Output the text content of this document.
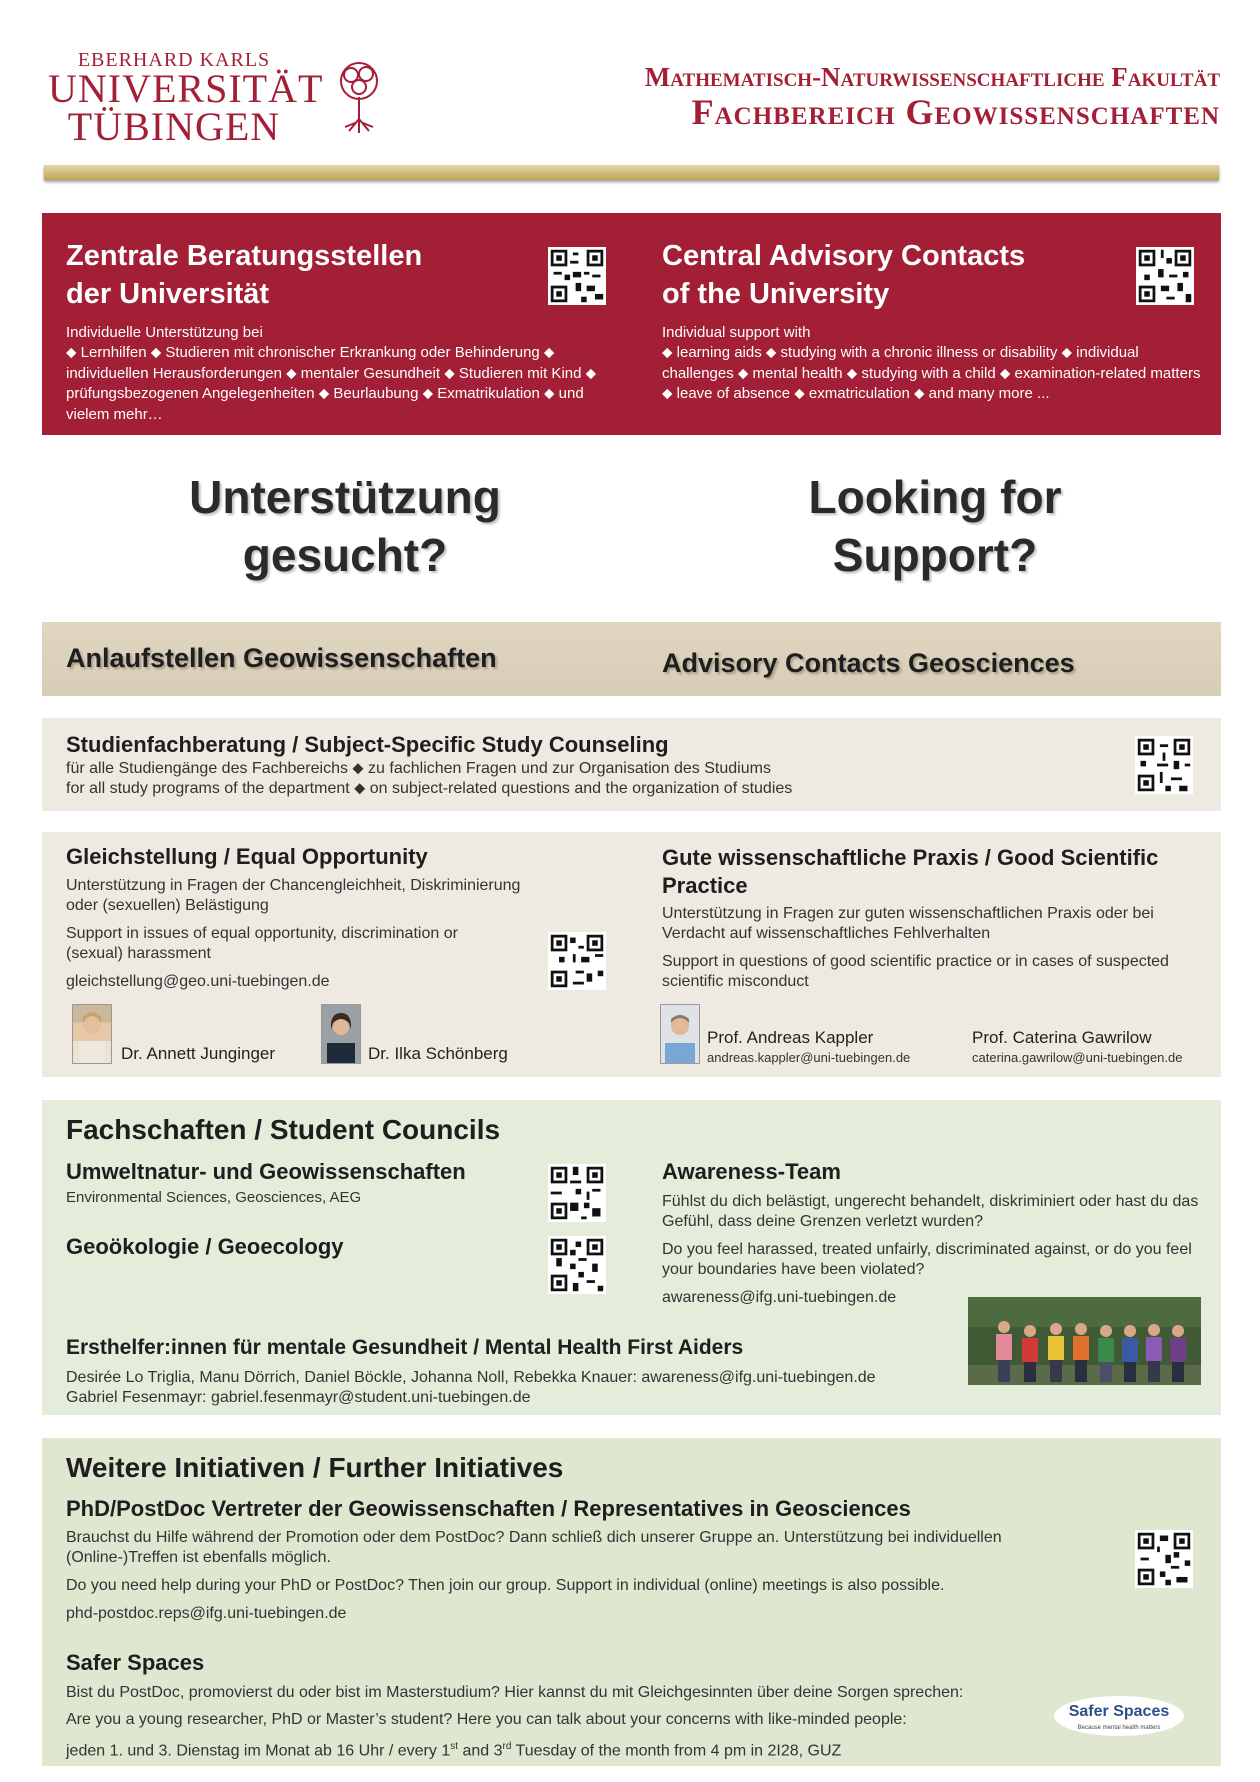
EBERHARD KARLS
UNIVERSITÄT
TÜBINGEN
Mathematisch-Naturwissenschaftliche Fakultät
Fachbereich Geowissenschaften
Zentrale Beratungsstellen
der Universität
Individuelle Unterstützung bei
⬥ Lernhilfen ⬥ Studieren mit chronischer Erkrankung oder Behinderung ⬥ individuellen Herausforderungen ⬥ mentaler Gesundheit ⬥ Studieren mit Kind ⬥ prüfungsbezogenen Angelegenheiten ⬥ Beurlaubung ⬥ Exmatrikulation ⬥ und vielem mehr…
Central Advisory Contacts
of the University
Individual support with
⬥ learning aids ⬥ studying with a chronic illness or disability ⬥ individual challenges ⬥ mental health ⬥ studying with a child ⬥ examination-related matters ⬥ leave of absence ⬥ exmatriculation ⬥ and many more ...
Unterstützung
gesucht?
Looking for
Support?
Anlaufstellen Geowissenschaften	Advisory Contacts Geosciences
Studienfachberatung / Subject-Specific Study Counseling
für alle Studiengänge des Fachbereichs ⬥ zu fachlichen Fragen und zur Organisation des Studiums
for all study programs of the department ⬥ on subject-related questions and the organization of studies
Gleichstellung / Equal Opportunity
Unterstützung in Fragen der Chancengleichheit, Diskriminierung oder (sexuellen) Belästigung
Support in issues of equal opportunity, discrimination or (sexual) harassment
gleichstellung@geo.uni-tuebingen.de
Dr. Annett Junginger	Dr. Ilka Schönberg
Gute wissenschaftliche Praxis / Good Scientific Practice
Unterstützung in Fragen zur guten wissenschaftlichen Praxis oder bei Verdacht auf wissenschaftliches Fehlverhalten
Support in questions of good scientific practice or in cases of suspected scientific misconduct
Prof. Andreas Kappler
andreas.kappler@uni-tuebingen.de
Prof. Caterina Gawrilow
caterina.gawrilow@uni-tuebingen.de
Fachschaften / Student Councils
Umweltnatur- und Geowissenschaften
Environmental Sciences, Geosciences, AEG
Geoökologie / Geoecology
Awareness-Team
Fühlst du dich belästigt, ungerecht behandelt, diskriminiert oder hast du das Gefühl, dass deine Grenzen verletzt wurden?
Do you feel harassed, treated unfairly, discriminated against, or do you feel your boundaries have been violated?
awareness@ifg.uni-tuebingen.de
Ersthelfer:innen für mentale Gesundheit / Mental Health First Aiders
Desirée Lo Triglia, Manu Dörrich, Daniel Böckle, Johanna Noll, Rebekka Knauer: awareness@ifg.uni-tuebingen.de
Gabriel Fesenmayr: gabriel.fesenmayr@student.uni-tuebingen.de
Weitere Initiativen / Further Initiatives
PhD/PostDoc Vertreter der Geowissenschaften / Representatives in Geosciences
Brauchst du Hilfe während der Promotion oder dem PostDoc? Dann schließ dich unserer Gruppe an. Unterstützung bei individuellen (Online-)Treffen ist ebenfalls möglich.
Do you need help during your PhD or PostDoc? Then join our group. Support in individual (online) meetings is also possible.
phd-postdoc.reps@ifg.uni-tuebingen.de
Safer Spaces
Bist du PostDoc, promovierst du oder bist im Masterstudium? Hier kannst du mit Gleichgesinnten über deine Sorgen sprechen:
Are you a young researcher, PhD or Master’s student? Here you can talk about your concerns with like-minded people:
jeden 1. und 3. Dienstag im Monat ab 16 Uhr / every 1st and 3rd Tuesday of the month from 4 pm in 2I28, GUZ
Safer Spaces
Because mental health matters
